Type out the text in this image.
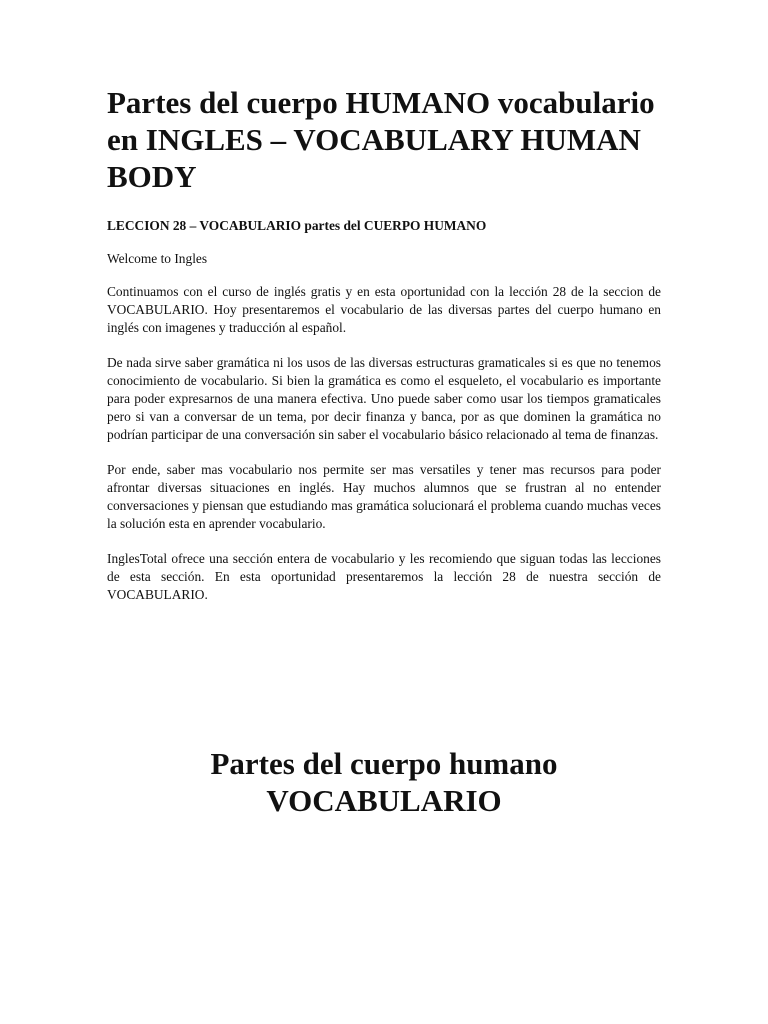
Partes del cuerpo HUMANO vocabulario en INGLES – VOCABULARY HUMAN BODY

LECCION 28 – VOCABULARIO partes del CUERPO HUMANO

Welcome to Ingles

Continuamos con el curso de inglés gratis y en esta oportunidad con la lección 28 de la seccion de VOCABULARIO. Hoy presentaremos el vocabulario de las diversas partes del cuerpo humano en inglés con imagenes y traducción al español.

De nada sirve saber gramática ni los usos de las diversas estructuras gramaticales si es que no tenemos conocimiento de vocabulario. Si bien la gramática es como el esqueleto, el vocabulario es importante para poder expresarnos de una manera efectiva. Uno puede saber como usar los tiempos gramaticales pero si van a conversar de un tema, por decir finanza y banca, por as que dominen la gramática no podrían participar de una conversación sin saber el vocabulario básico relacionado al tema de finanzas.

Por ende, saber mas vocabulario nos permite ser mas versatiles y tener mas recursos para poder afrontar diversas situaciones en inglés. Hay muchos alumnos que se frustran al no entender conversaciones y piensan que estudiando mas gramática solucionará el problema cuando muchas veces la solución esta en aprender vocabulario.

InglesTotal ofrece una sección entera de vocabulario y les recomiendo que siguan todas las lecciones de esta sección. En esta oportunidad presentaremos la lección 28 de nuestra sección de VOCABULARIO.

Partes del cuerpo humano
VOCABULARIO
